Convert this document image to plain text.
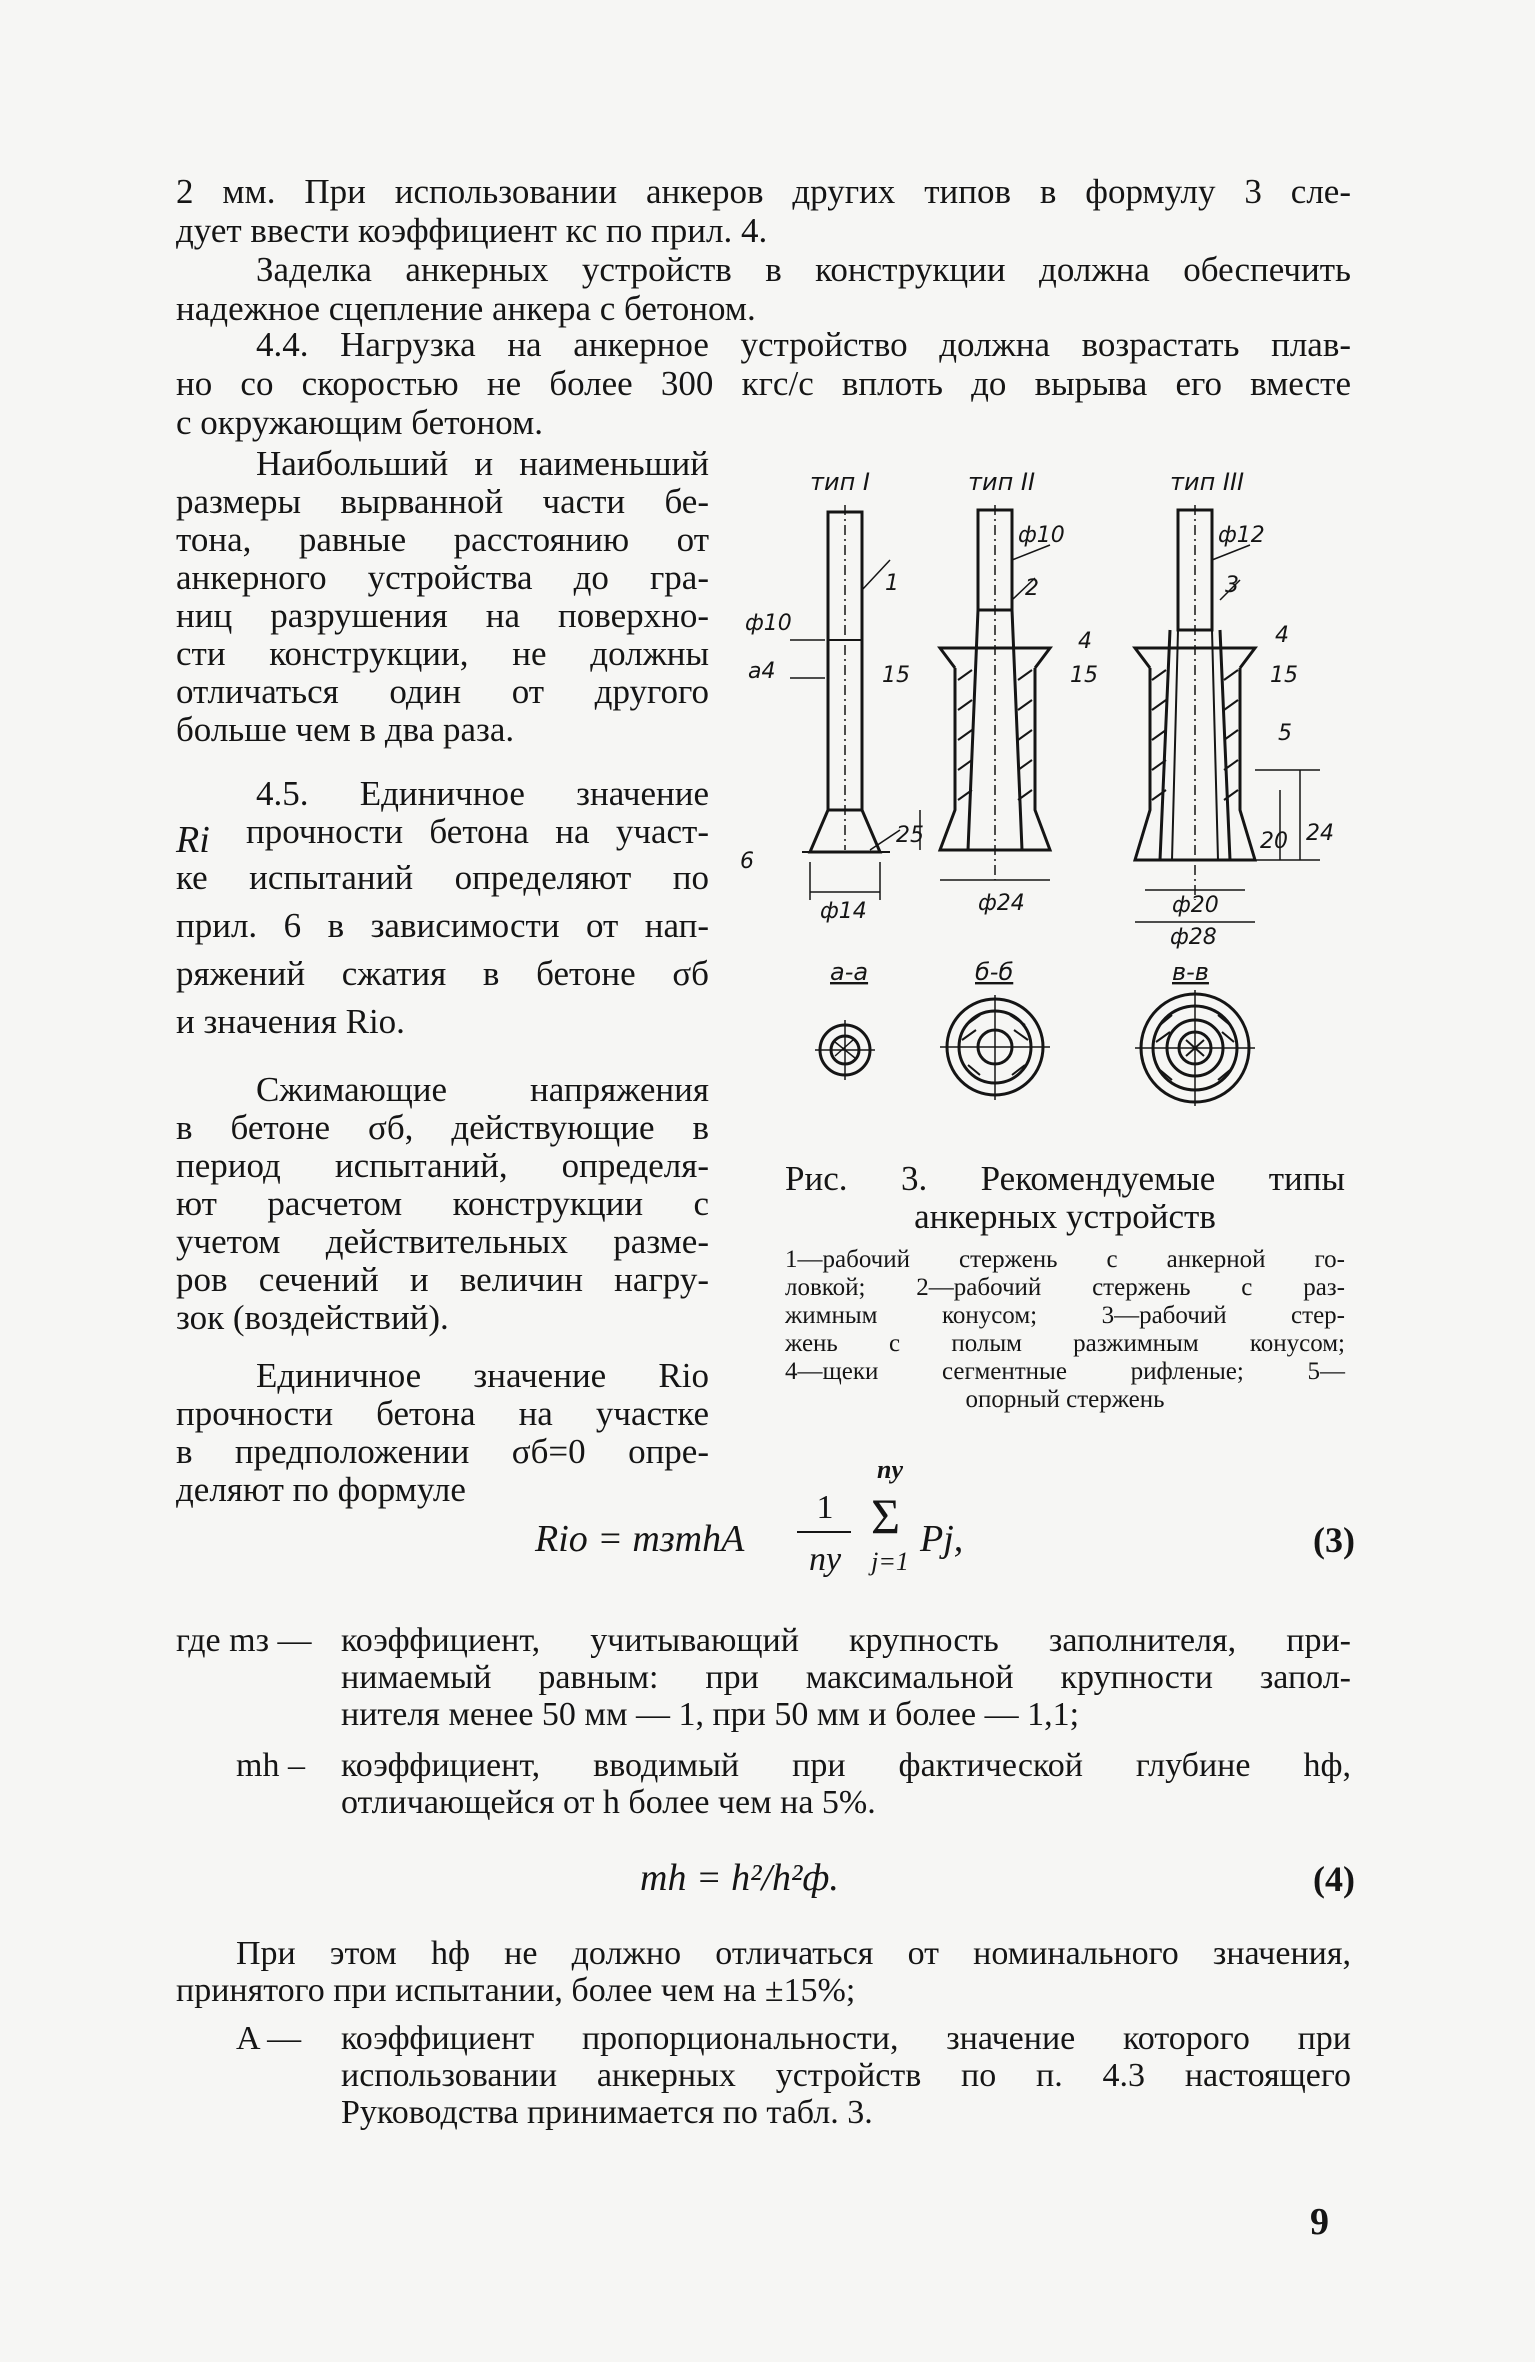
2 мм. При использовании анкеров других типов в формулу 3 сле-
дует ввести коэффициент кс по прил. 4.
Заделка анкерных устройств в конструкции должна обеспечить
надежное сцепление анкера с бетоном.
4.4. Нагрузка на анкерное устройство должна возрастать плав-
но со скоростью не более 300 кгс/с вплоть до вырыва его вместе
с окружающим бетоном.
Наибольший и наименьший
размеры вырванной части бе-
тона, равные расстоянию от
анкерного устройства до гра-
ниц разрушения на поверхно-
сти конструкции, не должны
отличаться один от другого
больше чем в два раза.
4.5. Единичное значение
Ri	прочности бетона на участ-
ке испытаний определяют по
прил. 6 в зависимости от нап-
ряжений сжатия в бетоне σб
и значения Rio.
Сжимающие напряжения
в бетоне σб, действующие в
период испытаний, определя-
ют расчетом конструкции с
учетом действительных разме-
ров сечений и величин нагру-
зок (воздействий).
Единичное значение Rio
прочности бетона на участке
в предположении σб=0 опре-
деляют по формуле
тип I	тип II	тип III
1	2	3
4	4
5
ф10
ф10	ф12
а4	15	15	15
25	20 24
6
ф14	ф24	ф20
ф28
а-а	б-б	в-в
Рис. 3. Рекомендуемые типы
анкерных устройств
1—рабочий стержень с анкерной го-
ловкой; 2—рабочий стержень с раз-
жимным конусом; 3—рабочий стер-
жень с полым разжимным конусом;
4—щеки сегментные рифленые; 5—
опорный стержень
Rio = mзmhA
1
nу
nу
Σ
j=1
Pj,	(3)
где mз — коэффициент, учитывающий крупность заполнителя, при-
нимаемый равным: при максимальной крупности запол-
нителя менее 50 мм — 1, при 50 мм и более — 1,1;
mh – коэффициент, вводимый при фактической глубине hф,
отличающейся от h более чем на 5%.
mh = h²/h²ф.	(4)
При этом hф не должно отличаться от номинального значения,
принятого при испытании, более чем на ±15%;
A — коэффициент пропорциональности, значение которого при
использовании анкерных устройств по п. 4.3 настоящего
Руководства принимается по табл. 3.
9
